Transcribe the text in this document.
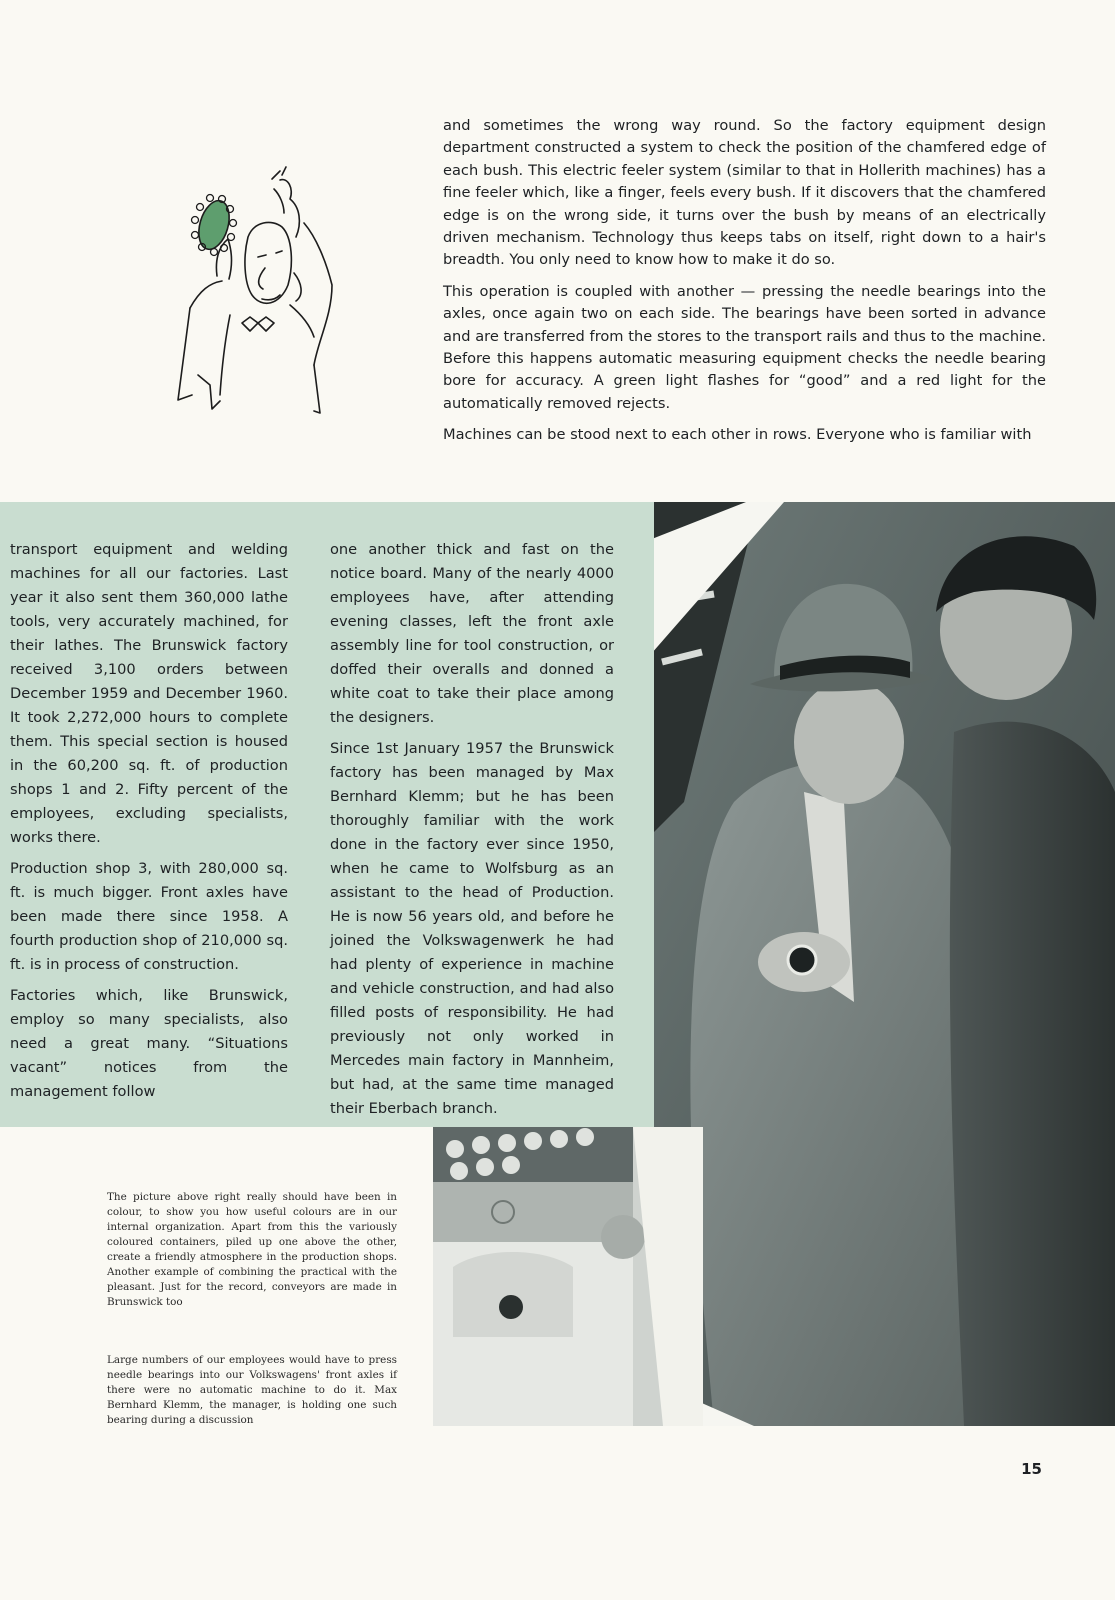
and sometimes the wrong way round. So the factory equipment design department constructed a system to check the position of the chamfered edge of each bush. This electric feeler system (similar to that in Hollerith machines) has a fine feeler which, like a finger, feels every bush. If it discovers that the chamfered edge is on the wrong side, it turns over the bush by means of an electrically driven mechanism. Technology thus keeps tabs on itself, right down to a hair's breadth. You only need to know how to make it do so.

This operation is coupled with another — pressing the needle bearings into the axles, once again two on each side. The bearings have been sorted in advance and are transferred from the stores to the transport rails and thus to the machine. Before this happens automatic measuring equipment checks the needle bearing bore for accuracy. A green light flashes for “good” and a red light for the automatically removed rejects.

Machines can be stood next to each other in rows. Everyone who is familiar with

transport equipment and welding machines for all our factories. Last year it also sent them 360,000 lathe tools, very accurately machined, for their lathes. The Brunswick factory received 3,100 orders between December 1959 and December 1960. It took 2,272,000 hours to complete them. This special section is housed in the 60,200 sq. ft. of production shops 1 and 2. Fifty percent of the employees, excluding specialists, works there.

Production shop 3, with 280,000 sq. ft. is much bigger. Front axles have been made there since 1958. A fourth production shop of 210,000 sq. ft. is in process of construction.

Factories which, like Brunswick, employ so many specialists, also need a great many. “Situations vacant” notices from the management follow

one another thick and fast on the notice board. Many of the nearly 4000 employees have, after attending evening classes, left the front axle assembly line for tool construction, or doffed their overalls and donned a white coat to take their place among the designers.

Since 1st January 1957 the Brunswick factory has been managed by Max Bernhard Klemm; but he has been thoroughly familiar with the work done in the factory ever since 1950, when he came to Wolfsburg as an assistant to the head of Production. He is now 56 years old, and before he joined the Volkswagenwerk he had had plenty of experience in machine and vehicle construction, and had also filled posts of responsibility. He had previously not only worked in Mercedes main factory in Mannheim, but had, at the same time managed their Eberbach branch.

The picture above right really should have been in colour, to show you how useful colours are in our internal organization. Apart from this the variously coloured containers, piled up one above the other, create a friendly atmosphere in the production shops. Another example of combining the practical with the pleasant. Just for the record, conveyors are made in Brunswick too
Large numbers of our employees would have to press needle bearings into our Volkswagens' front axles if there were no automatic machine to do it. Max Bernhard Klemm, the manager, is holding one such bearing during a discussion
15
